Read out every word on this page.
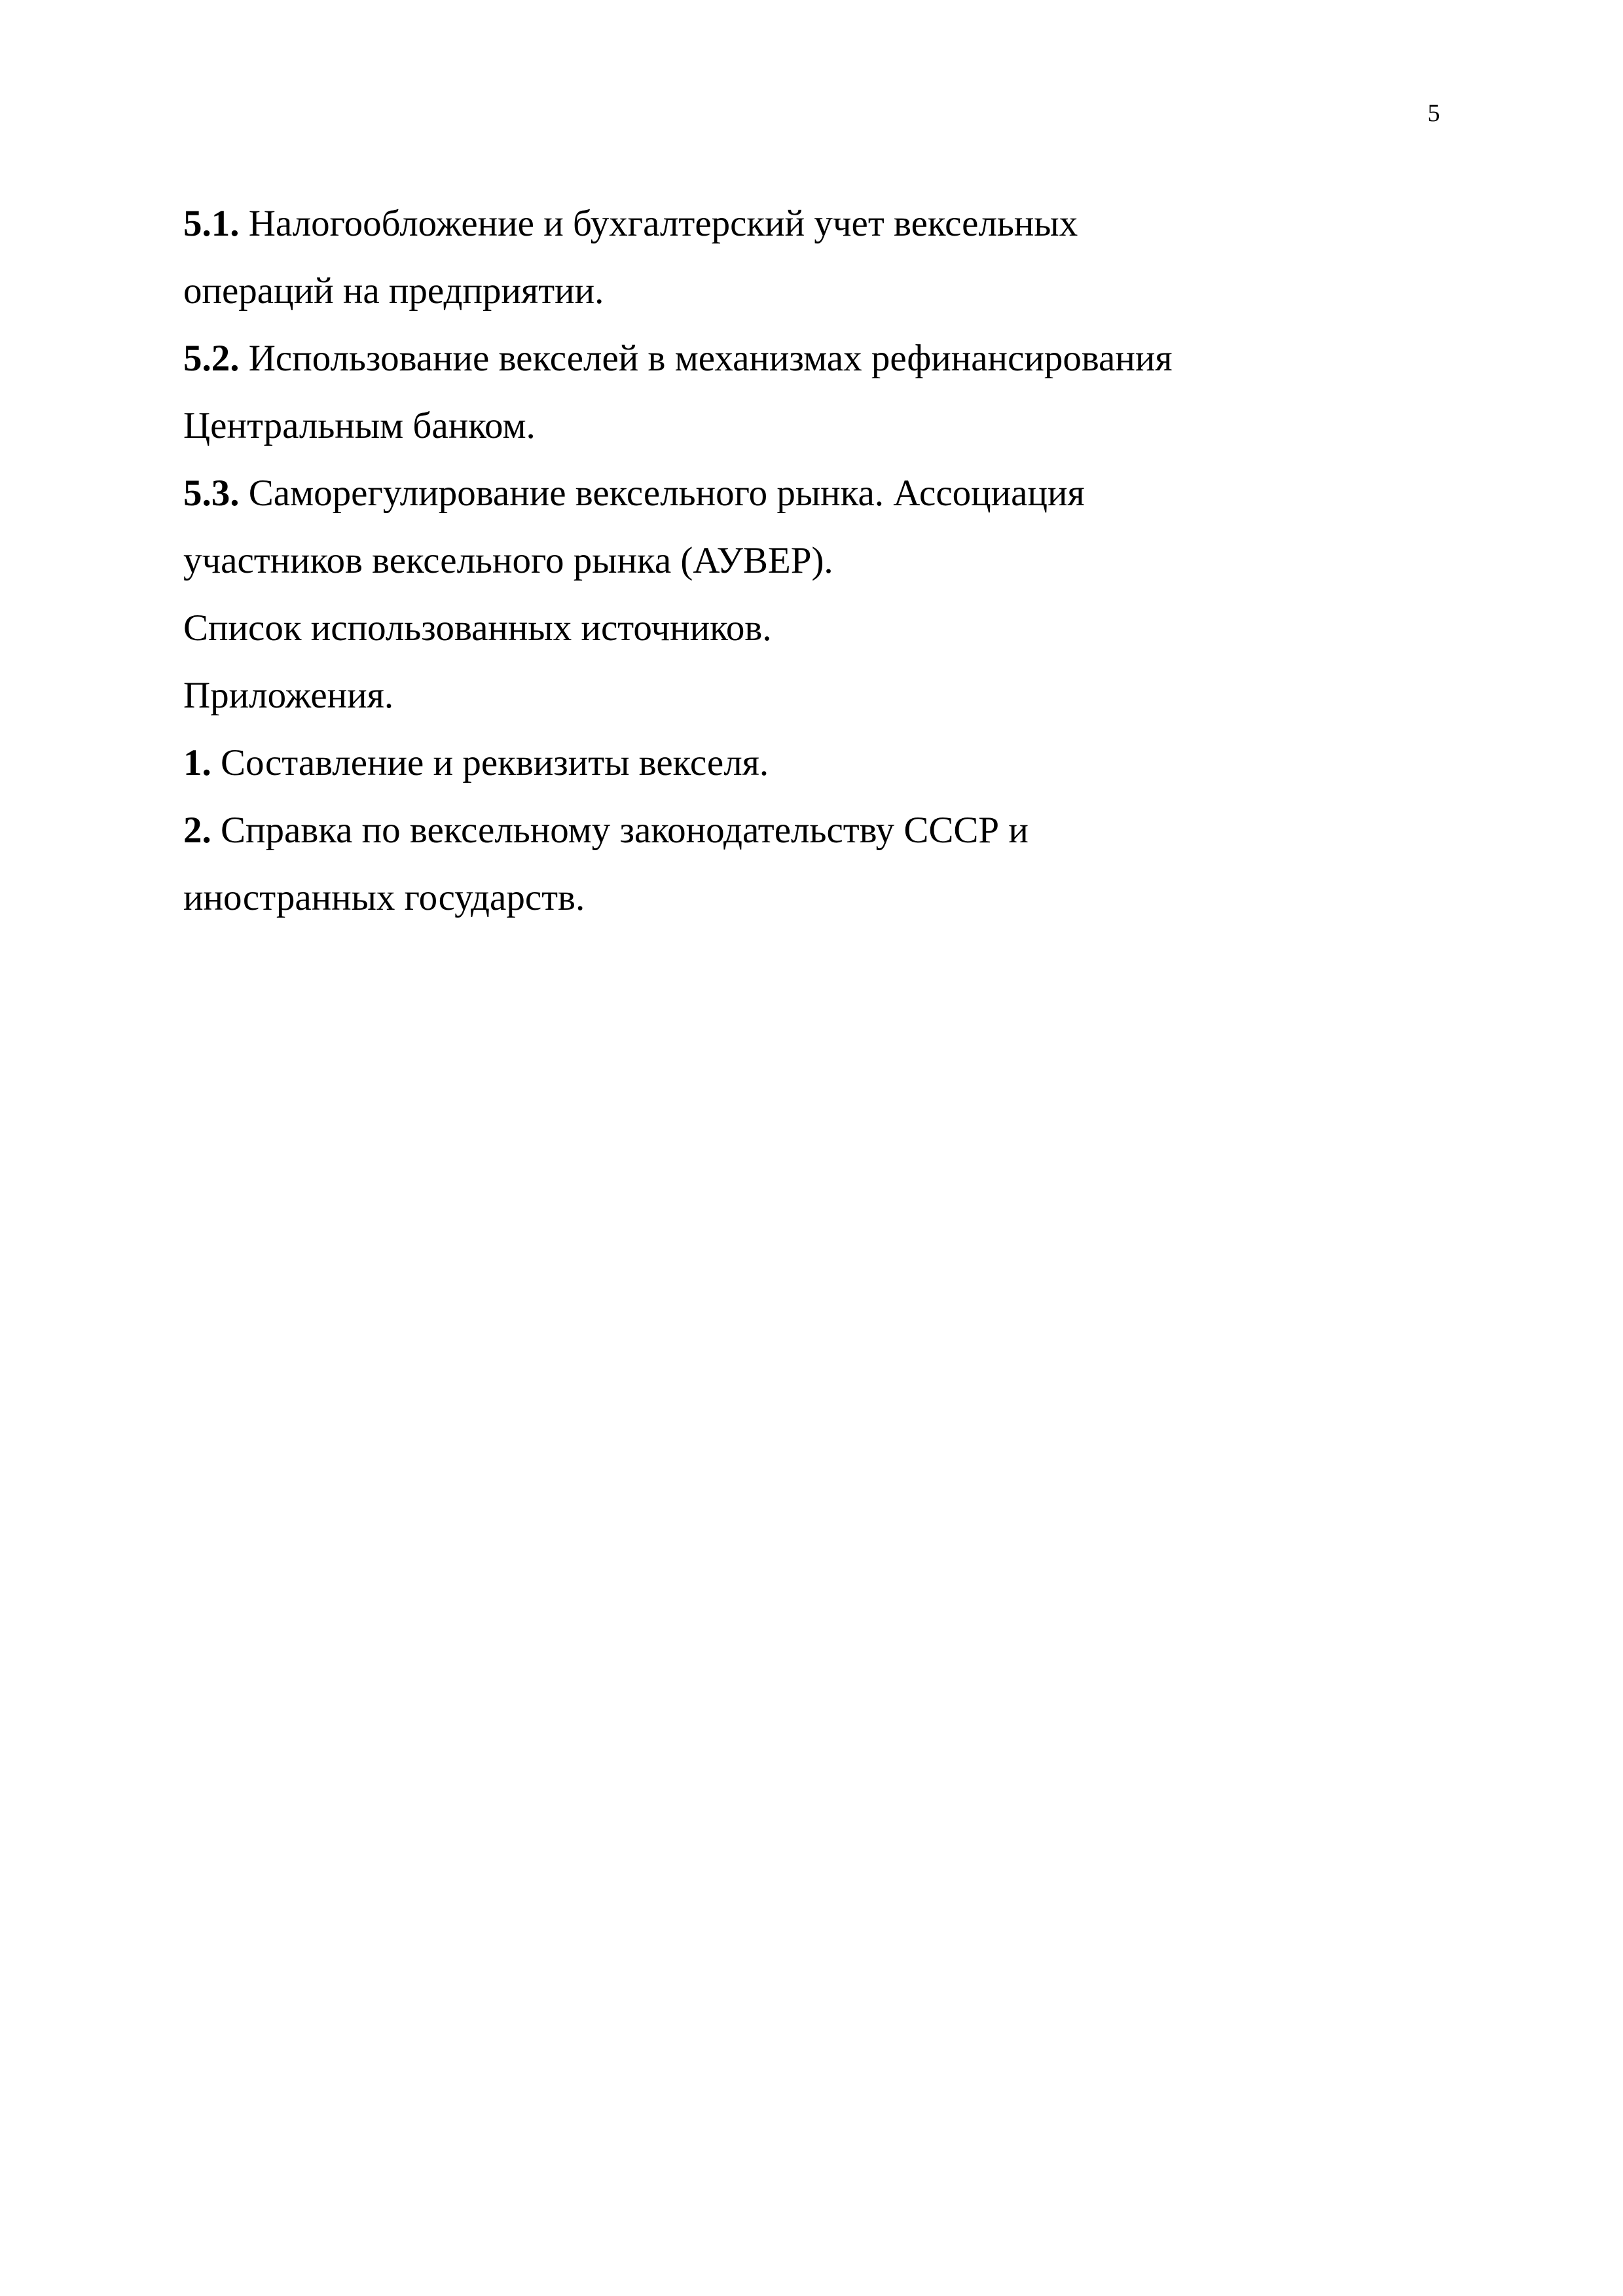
5
5.1. Налогообложение и бухгалтерский учет вексельных
операций на предприятии.
5.2. Использование векселей в механизмах рефинансирования
Центральным банком.
5.3. Саморегулирование вексельного рынка. Ассоциация
участников вексельного рынка (АУВЕР).
Список использованных источников.
Приложения.
1. Составление и реквизиты векселя.
2. Справка по вексельному законодательству СССР и
иностранных государств.
